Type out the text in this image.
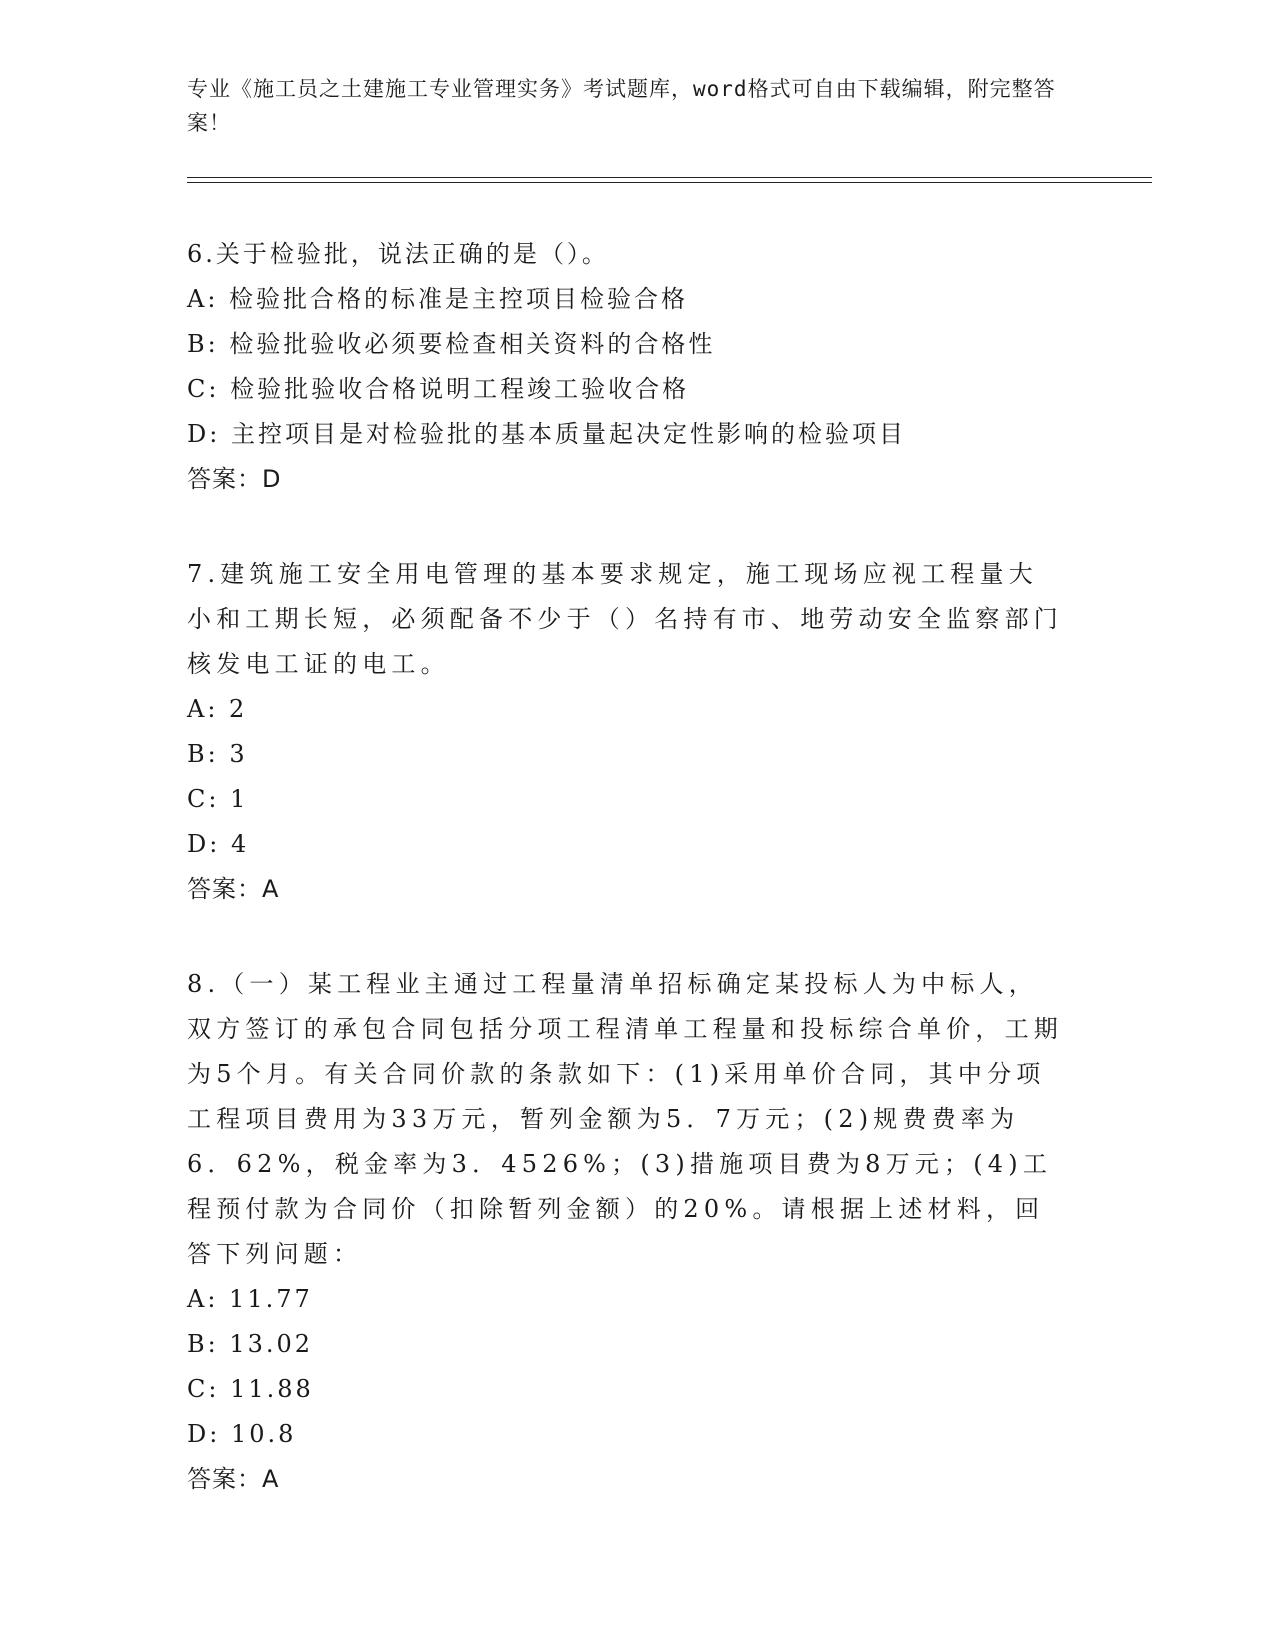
专业《施工员之土建施工专业管理实务》考试题库，word格式可自由下载编辑，附完整答案！
6.关于检验批，说法正确的是（）。
A: 检验批合格的标准是主控项目检验合格
B: 检验批验收必须要检查相关资料的合格性
C: 检验批验收合格说明工程竣工验收合格
D: 主控项目是对检验批的基本质量起决定性影响的检验项目
答案：D
7.建筑施工安全用电管理的基本要求规定，施工现场应视工程量大小和工期长短，必须配备不少于（）名持有市、地劳动安全监察部门核发电工证的电工。
A: 2
B: 3
C: 1
D: 4
答案：A
8.（一）某工程业主通过工程量清单招标确定某投标人为中标人，双方签订的承包合同包括分项工程清单工程量和投标综合单价，工期为5个月。有关合同价款的条款如下：(1)采用单价合同，其中分项工程项目费用为33万元，暂列金额为5．7万元；(2)规费费率为6．62%，税金率为3．4526%；(3)措施项目费为8万元；(4)工程预付款为合同价（扣除暂列金额）的20%。请根据上述材料，回答下列问题：
A: 11.77
B: 13.02
C: 11.88
D: 10.8
答案：A
